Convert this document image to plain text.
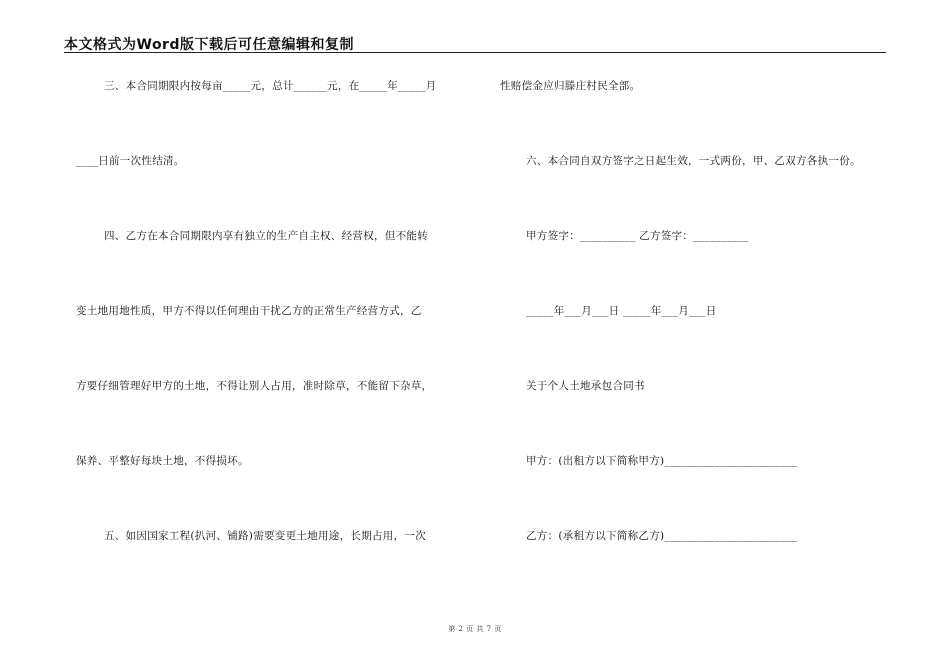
本文格式为Word版下载后可任意编辑和复制
三、本合同期限内按每亩_____元，总计______元，在_____年_____月
____日前一次性结清。
四、乙方在本合同期限内享有独立的生产自主权、经营权，但不能转
变土地用地性质，甲方不得以任何理由干扰乙方的正常生产经营方式，乙
方要仔细管理好甲方的土地，不得让别人占用，准时除草，不能留下杂草，
保养、平整好每块土地，不得损坏。
五、如因国家工程(扒河、铺路)需要变更土地用途，长期占用，一次
性赔偿金应归滕庄村民全部。
六、本合同自双方签字之日起生效，一式两份，甲、乙双方各执一份。
甲方签字：__________ 乙方签字：__________
_____年___月___日 _____年___月___日
关于个人土地承包合同书
甲方：(出租方以下简称甲方)________________________
乙方：(承租方以下简称乙方)________________________
第 2 页 共 7 页
